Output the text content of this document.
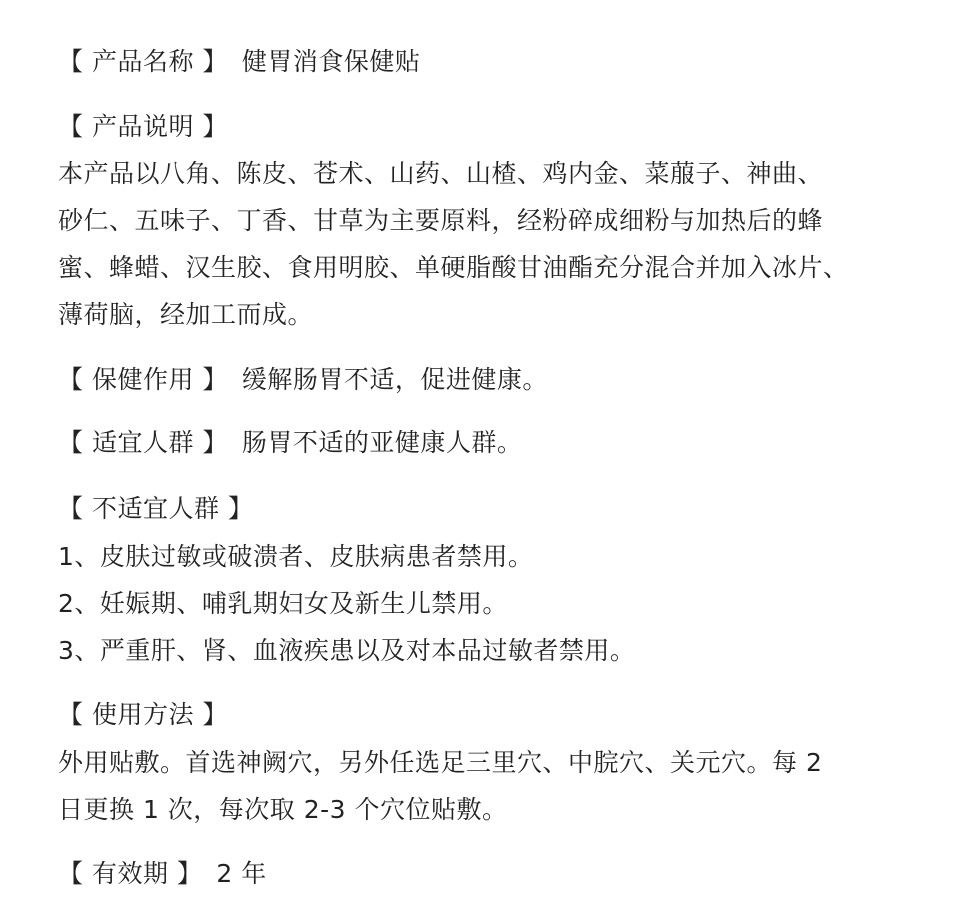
【 产品名称 】 健胃消食保健贴
【 产品说明 】
本产品以八角、陈皮、苍术、山药、山楂、鸡内金、菜菔子、神曲、
砂仁、五味子、丁香、甘草为主要原料，经粉碎成细粉与加热后的蜂
蜜、蜂蜡、汉生胶、食用明胶、单硬脂酸甘油酯充分混合并加入冰片、
薄荷脑，经加工而成。
【 保健作用 】 缓解肠胃不适，促进健康。
【 适宜人群 】 肠胃不适的亚健康人群。
【 不适宜人群 】
1、皮肤过敏或破溃者、皮肤病患者禁用。
2、妊娠期、哺乳期妇女及新生儿禁用。
3、严重肝、肾、血液疾患以及对本品过敏者禁用。
【 使用方法 】
外用贴敷。首选神阙穴，另外任选足三里穴、中脘穴、关元穴。每 2
日更换 1 次，每次取 2-3 个穴位贴敷。
【 有效期 】 2 年
